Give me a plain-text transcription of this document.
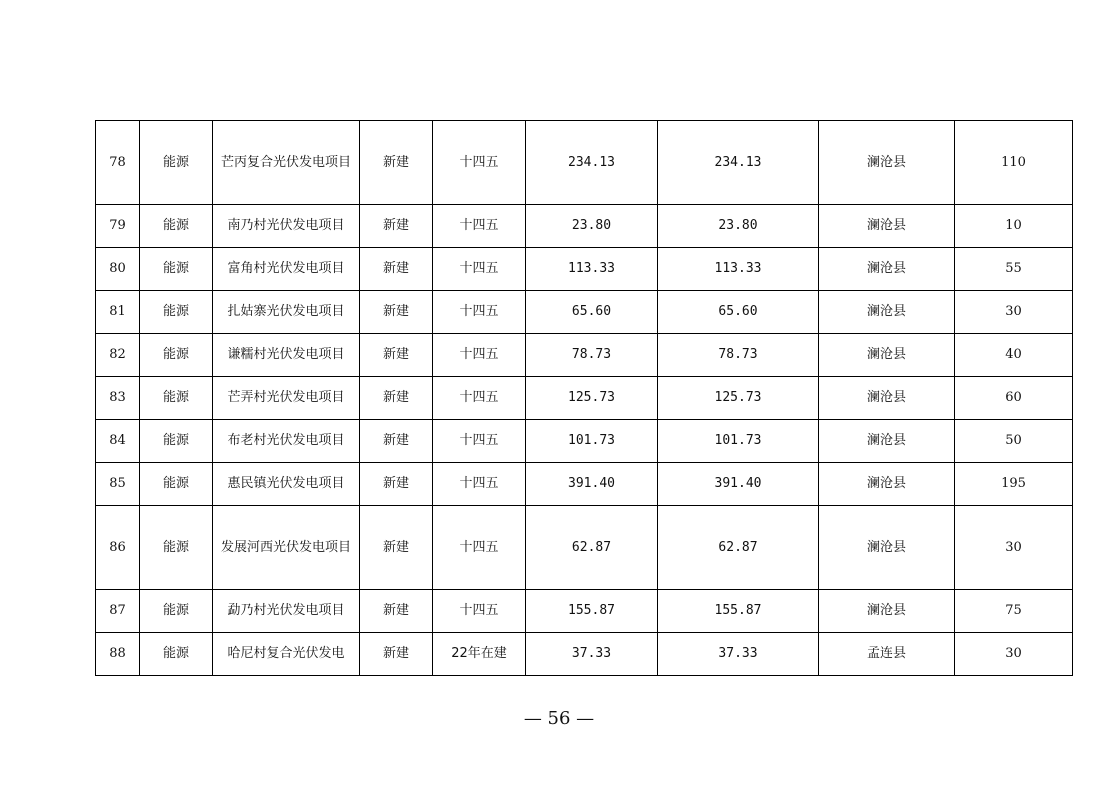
78	能源	芒丙复合光伏发电项目	新建	十四五	234.13	234.13	澜沧县	110
79	能源	南乃村光伏发电项目	新建	十四五	23.80	23.80	澜沧县	10
80	能源	富角村光伏发电项目	新建	十四五	113.33	113.33	澜沧县	55
81	能源	扎姑寨光伏发电项目	新建	十四五	65.60	65.60	澜沧县	30
82	能源	谦糯村光伏发电项目	新建	十四五	78.73	78.73	澜沧县	40
83	能源	芒弄村光伏发电项目	新建	十四五	125.73	125.73	澜沧县	60
84	能源	布老村光伏发电项目	新建	十四五	101.73	101.73	澜沧县	50
85	能源	惠民镇光伏发电项目	新建	十四五	391.40	391.40	澜沧县	195
86	能源	发展河西光伏发电项目	新建	十四五	62.87	62.87	澜沧县	30
87	能源	勐乃村光伏发电项目	新建	十四五	155.87	155.87	澜沧县	75
88	能源	哈尼村复合光伏发电	新建	22年在建	37.33	37.33	孟连县	30
— 56 —
